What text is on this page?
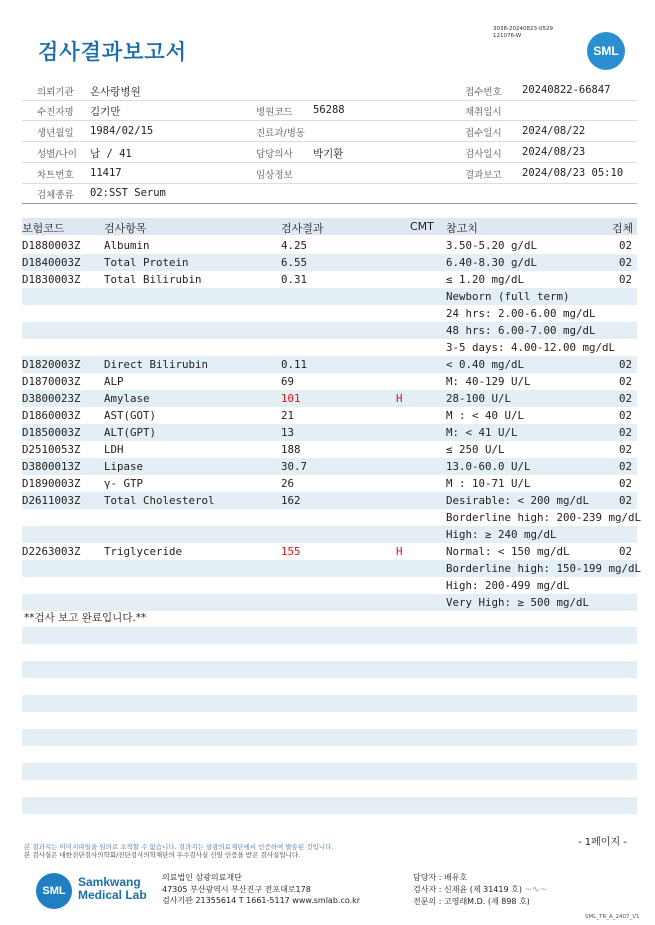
검사결과보고서
3038-20240823-0529
121076-W
SML
의뢰기관 온사랑병원	접수번호 20240822-66847
수진자명 김기만	병원코드 56288	채취일시
생년월일 1984/02/15	진료과/병동	접수일시 2024/08/22
성별/나이 남 / 41	담당의사 박기환	검사일시 2024/08/23
차트번호 11417	임상정보	결과보고 2024/08/23 05:10
검체종류 02:SST Serum
보험코드	검사항목	검사결과	CMT 참고치	검체
D1880003Z Albumin	4.25	3.50-5.20 g/dL	02
D1840003Z Total Protein	6.55	6.40-8.30 g/dL	02
D1830003Z Total Bilirubin	0.31	≤ 1.20 mg/dL	02
Newborn (full term)
24 hrs: 2.00-6.00 mg/dL
48 hrs: 6.00-7.00 mg/dL
3-5 days: 4.00-12.00 mg/dL
D1820003Z Direct Bilirubin	0.11	< 0.40 mg/dL	02
D1870003Z ALP	69	M: 40-129 U/L	02
D3800023Z Amylase	101	H	28-100 U/L	02
D1860003Z AST(GOT)	21	M : < 40 U/L	02
D1850003Z ALT(GPT)	13	M: < 41 U/L	02
D2510053Z LDH	188	≤ 250 U/L	02
D3800013Z Lipase	30.7	13.0-60.0 U/L	02
D1890003Z γ- GTP	26	M : 10-71 U/L	02
D2611003Z Total Cholesterol	162	Desirable: < 200 mg/dL	02
Borderline high: 200-239 mg/dL
High: ≥ 240 mg/dL
D2263003Z Triglyceride	155	H	Normal: < 150 mg/dL	02
Borderline high: 150-199 mg/dL
High: 200-499 mg/dL
Very High: ≥ 500 mg/dL
**검사 보고 완료입니다.**
- 1페이지 -
본 결과지는 이미지파일을 임의로 조작할 수 없습니다. 결과지는 삼광의료재단에서 인증하여 발송된 것입니다.
본 검사실은 대한진단검사의학회/진단검사의학재단의 우수검사실 신임 인증을 받은 검사실입니다.
SML
Samkwang
Medical Lab
의료법인 삼광의료재단
47305 부산광역시 부산진구 전포대로178
검사기관 21355614 T 1661-5117 www.smlab.co.kr
담당자 : 배유호
검사자 : 신재윤 (제 31419 호) ~∿~
전문의 : 고영래M.D. (제 898 호)
SML_TR_A_2407_V1
